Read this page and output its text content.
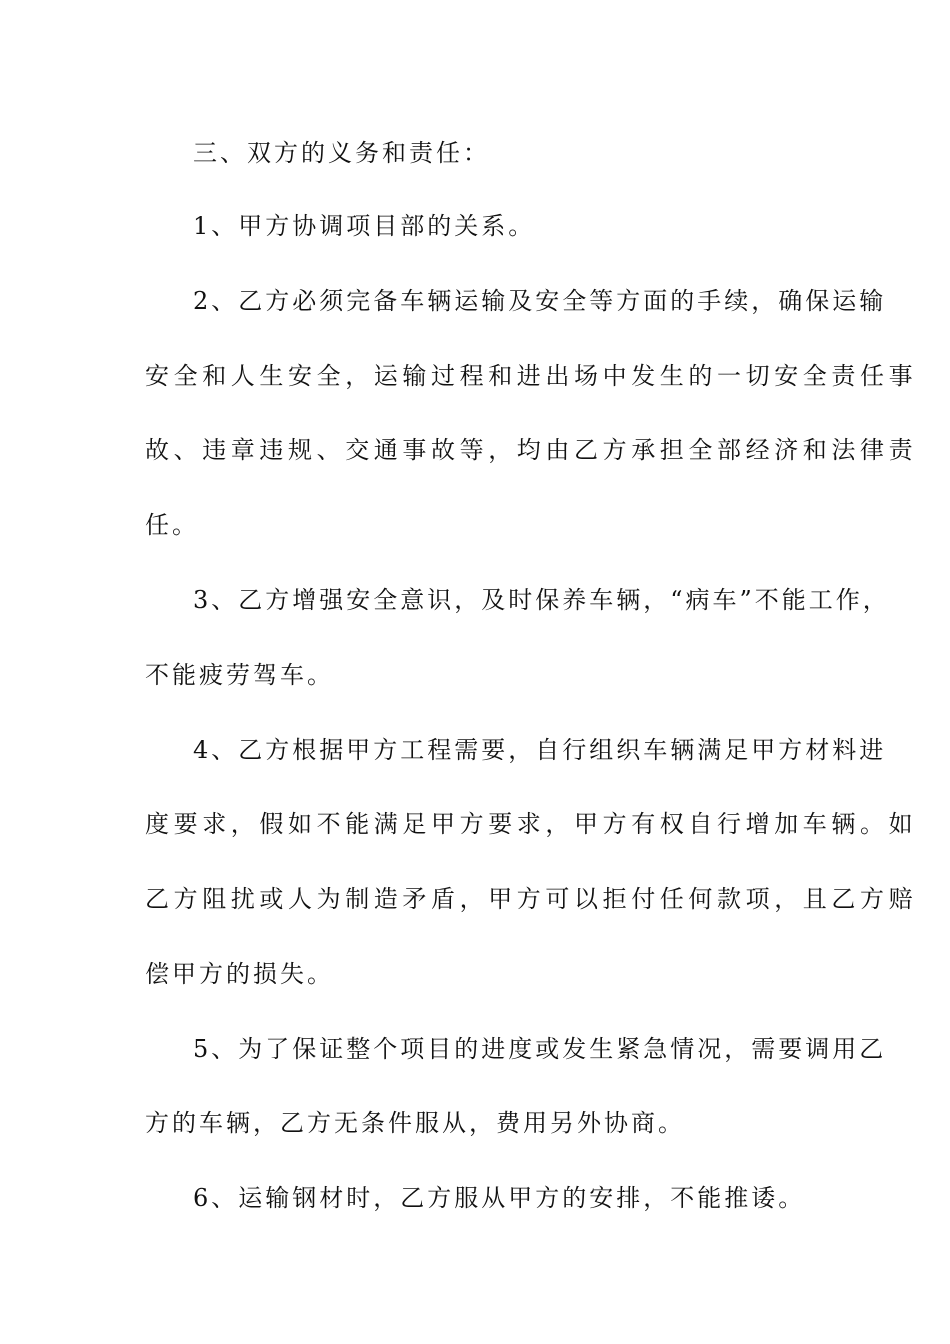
三、双方的义务和责任：
1、甲方协调项目部的关系。
2、乙方必须完备车辆运输及安全等方面的手续，确保运输
安全和人生安全，运输过程和进出场中发生的一切安全责任事
故、违章违规、交通事故等，均由乙方承担全部经济和法律责
任。
3、乙方增强安全意识，及时保养车辆，“病车”不能工作，
不能疲劳驾车。
4、乙方根据甲方工程需要，自行组织车辆满足甲方材料进
度要求，假如不能满足甲方要求，甲方有权自行增加车辆。如
乙方阻扰或人为制造矛盾，甲方可以拒付任何款项，且乙方赔
偿甲方的损失。
5、为了保证整个项目的进度或发生紧急情况，需要调用乙
方的车辆，乙方无条件服从，费用另外协商。
6、运输钢材时，乙方服从甲方的安排，不能推诿。
